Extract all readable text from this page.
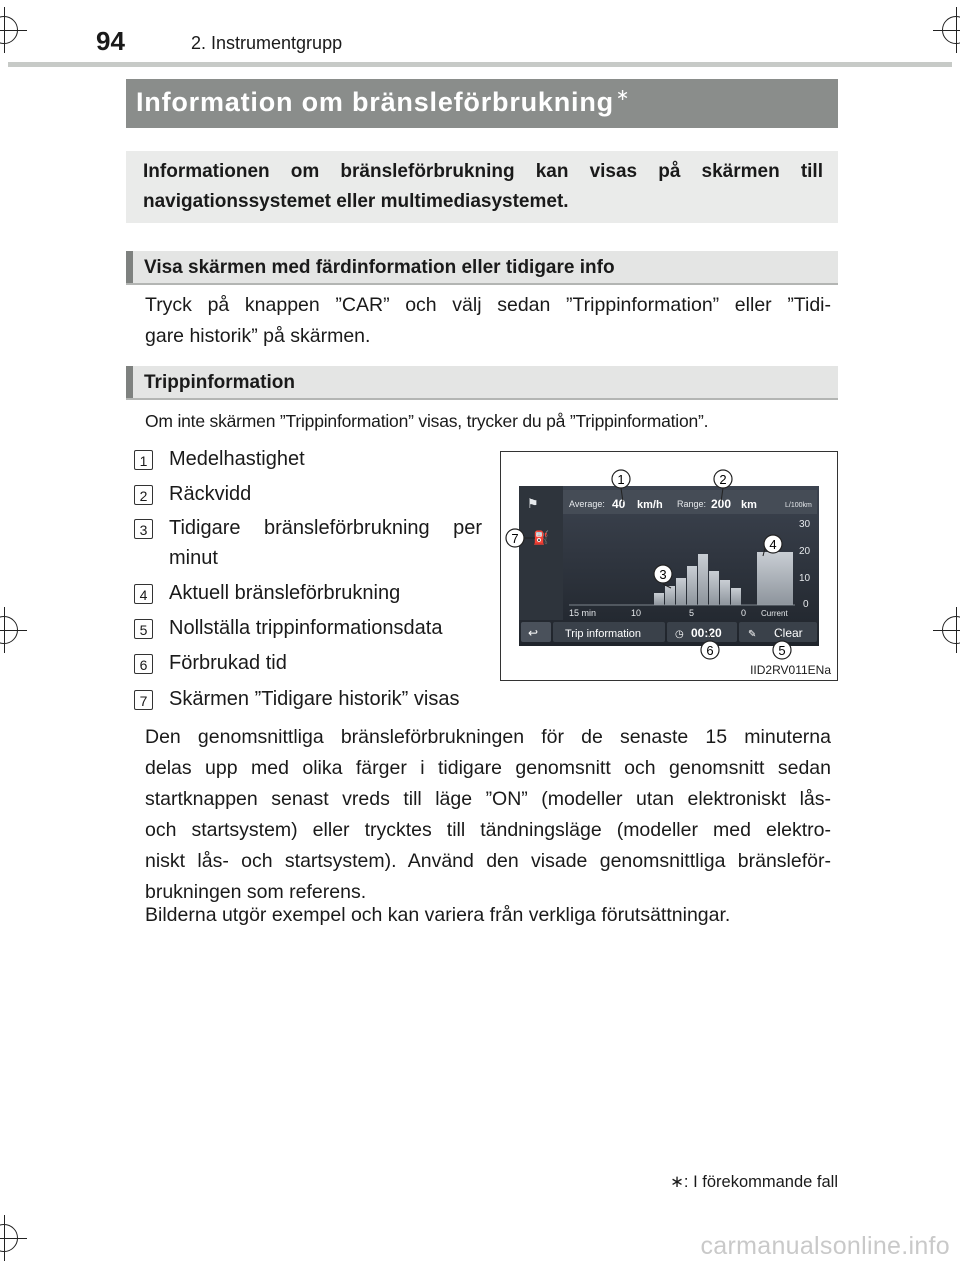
94	2. Instrumentgrupp
Information om bränsleförbrukning ∗
Informationen om bränsleförbrukning kan visas på skärmen till navigationssystemet eller multimediasystemet.
Visa skärmen med färdinformation eller tidigare info
Tryck på knappen ”CAR” och välj sedan ”Trippinformation” eller ”Tidi-
gare historik” på skärmen.
Trippinformation
Om inte skärmen ”Trippinformation” visas, trycker du på ”Trippinformation”.
1 Medelhastighet
2 Räckvidd
3 Tidigare bränsleförbrukning per
minut
4 Aktuell bränsleförbrukning
5 Nollställa trippinformationsdata
6 Förbrukad tid
7 Skärmen ”Tidigare historik” visas
⚑
⛽
Average: 40 km/h Range: 200 km	L/100km
30
20
10
0
15 min	10	5	0 Current
↩ Trip information	◷ 00:20	✎ Clear
1	2
3
4
5
6
7
IID2RV011ENa
Den genomsnittliga bränsleförbrukningen för de senaste 15 minuterna
delas upp med olika färger i tidigare genomsnitt och genomsnitt sedan
startknappen senast vreds till läge ”ON” (modeller utan elektroniskt lås-
och startsystem) eller trycktes till tändningsläge (modeller med elektro-
niskt lås- och startsystem). Använd den visade genomsnittliga bränsleför-
brukningen som referens.
Bilderna utgör exempel och kan variera från verkliga förutsättningar.
∗: I förekommande fall
carmanualsonline.info
